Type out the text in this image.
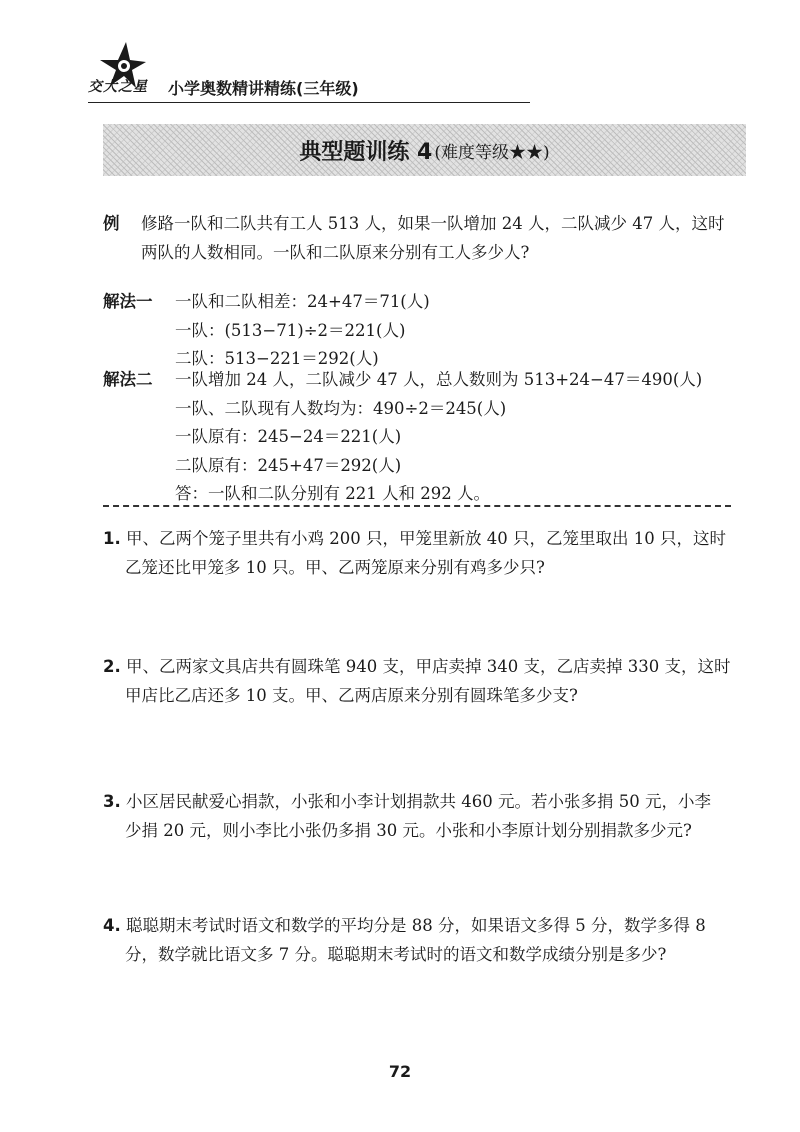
交大之星 小学奥数精讲精练(三年级)
典型题训练 4 (难度等级★★)
例 修路一队和二队共有工人 513 人，如果一队增加 24 人，二队减少 47 人，这时
两队的人数相同。一队和二队原来分别有工人多少人?
解法一	一队和二队相差：24+47＝71(人)
一队：(513−71)÷2＝221(人)
二队：513−221＝292(人)
解法二	一队增加 24 人，二队减少 47 人，总人数则为 513+24−47＝490(人)
一队、二队现有人数均为：490÷2＝245(人)
一队原有：245−24＝221(人)
二队原有：245+47＝292(人)
答：一队和二队分别有 221 人和 292 人。
1. 甲、乙两个笼子里共有小鸡 200 只，甲笼里新放 40 只，乙笼里取出 10 只，这时
乙笼还比甲笼多 10 只。甲、乙两笼原来分别有鸡多少只?
2. 甲、乙两家文具店共有圆珠笔 940 支，甲店卖掉 340 支，乙店卖掉 330 支，这时
甲店比乙店还多 10 支。甲、乙两店原来分别有圆珠笔多少支?
3. 小区居民献爱心捐款，小张和小李计划捐款共 460 元。若小张多捐 50 元，小李
少捐 20 元，则小李比小张仍多捐 30 元。小张和小李原计划分别捐款多少元?
4. 聪聪期末考试时语文和数学的平均分是 88 分，如果语文多得 5 分，数学多得 8
分，数学就比语文多 7 分。聪聪期末考试时的语文和数学成绩分别是多少?
72
